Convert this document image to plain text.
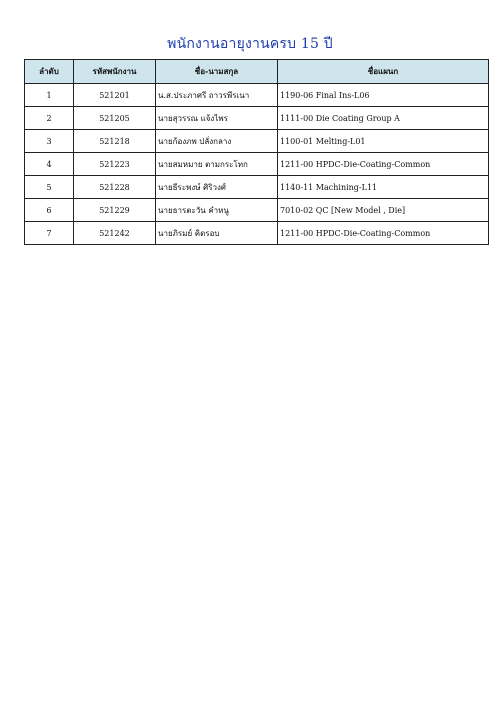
พนักงานอายุงานครบ 15 ปี
ลำดับ	รหัสพนักงาน	ชื่อ-นามสกุล	ชื่อแผนก
1	521201	น.ส.ประภาศรี ถาวรพีรเนา	1190-06 Final Ins-L06
2	521205	นายสุวรรณ แจ้งไพร	1111-00 Die Coating Group A
3	521218	นายก้องภพ ปลั่งกลาง	1100-01 Melting-L01
4	521223	นายสมหมาย ตามกระโทก	1211-00 HPDC-Die-Coating-Common
5	521228	นายธีระพงษ์ ศิริวงศ์	1140-11 Machining-L11
6	521229	นายธารตะวัน คำหนู	7010-02 QC [New Model , Die]
7	521242	นายภิรมย์ คิดรอบ	1211-00 HPDC-Die-Coating-Common
